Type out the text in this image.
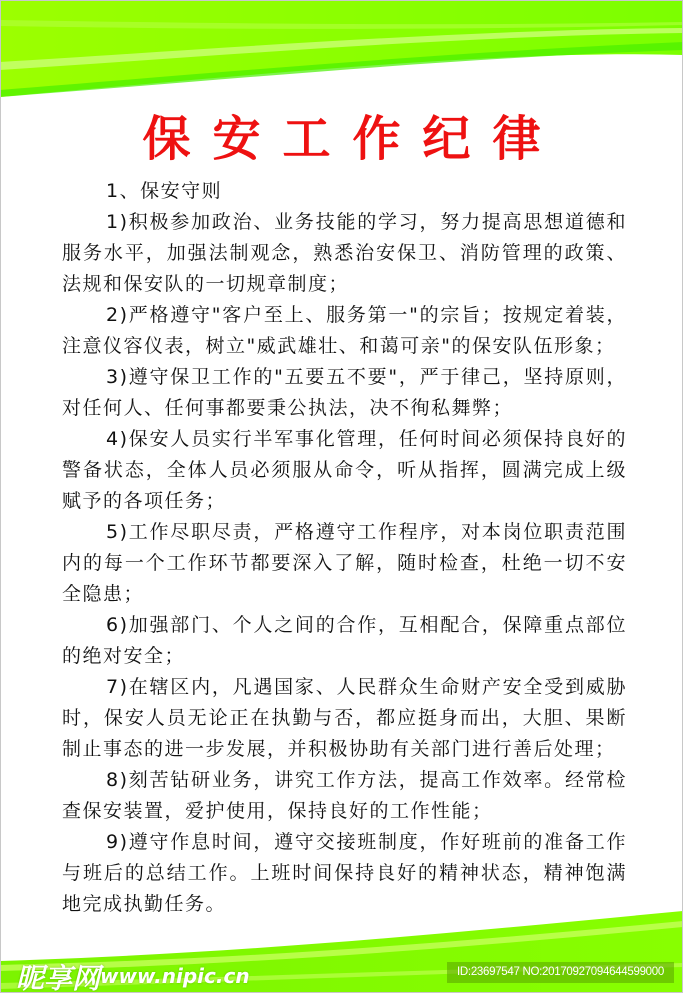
保安工作纪律

1、保安守则

1)积极参加政治、业务技能的学习，努力提高思想道德和服务水平，加强法制观念，熟悉治安保卫、消防管理的政策、法规和保安队的一切规章制度；

2)严格遵守"客户至上、服务第一"的宗旨；按规定着装，注意仪容仪表，树立"威武雄壮、和蔼可亲"的保安队伍形象；

3)遵守保卫工作的"五要五不要"，严于律己，坚持原则，对任何人、任何事都要秉公执法，决不徇私舞弊；

4)保安人员实行半军事化管理，任何时间必须保持良好的警备状态，全体人员必须服从命令，听从指挥，圆满完成上级赋予的各项任务；

5)工作尽职尽责，严格遵守工作程序，对本岗位职责范围内的每一个工作环节都要深入了解，随时检查，杜绝一切不安全隐患；

6)加强部门、个人之间的合作，互相配合，保障重点部位的绝对安全；

7)在辖区内，凡遇国家、人民群众生命财产安全受到威胁时，保安人员无论正在执勤与否，都应挺身而出，大胆、果断制止事态的进一步发展，并积极协助有关部门进行善后处理；

8)刻苦钻研业务，讲究工作方法，提高工作效率。经常检查保安装置，爱护使用，保持良好的工作性能；

9)遵守作息时间，遵守交接班制度，作好班前的准备工作与班后的总结工作。上班时间保持良好的精神状态，精神饱满地完成执勤任务。

昵享网 www.nipic.cn	ID:23697547 NO:20170927094644599000
